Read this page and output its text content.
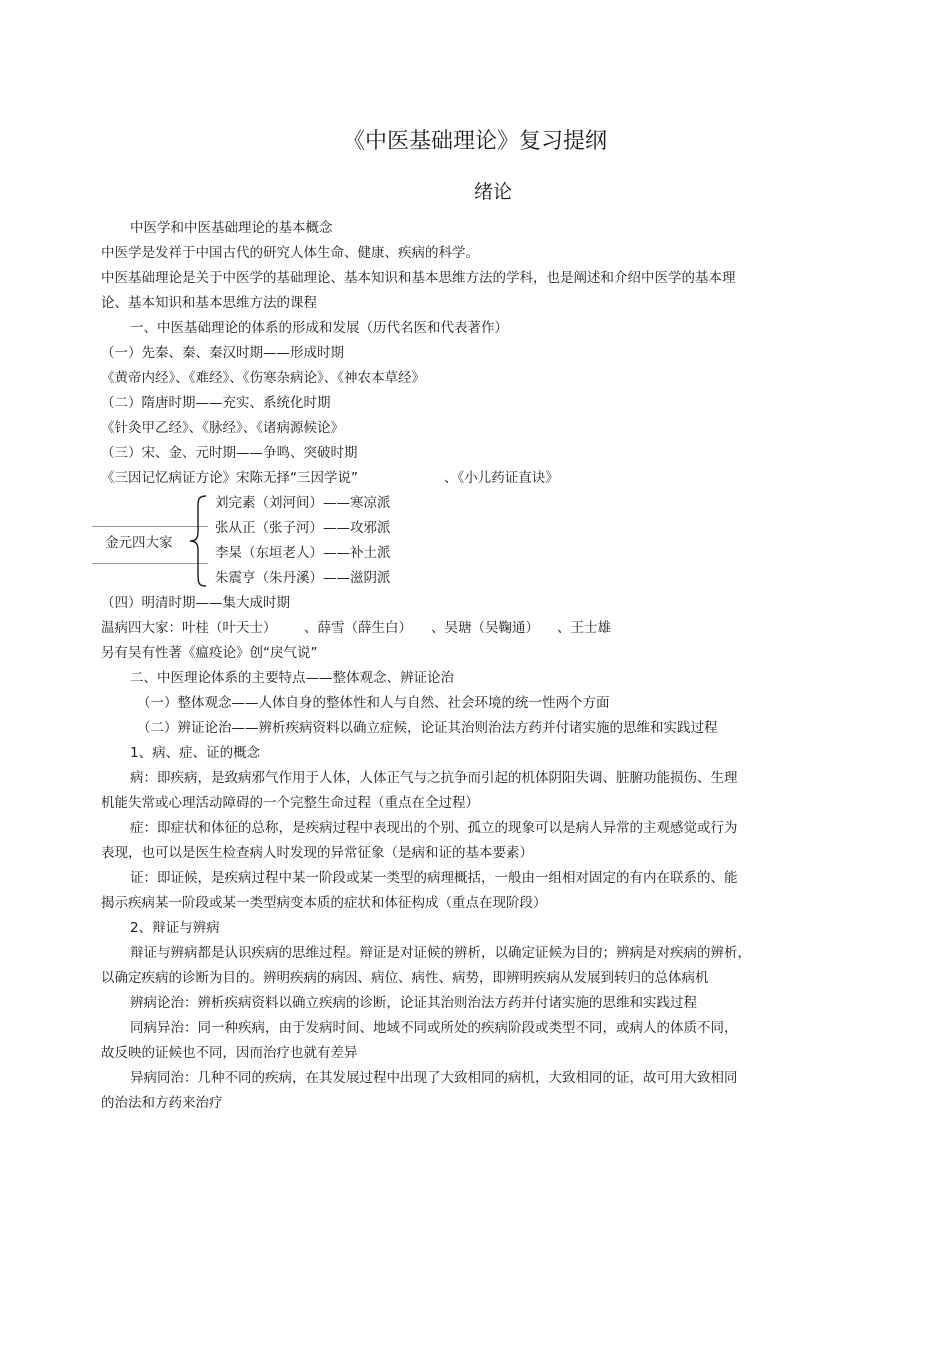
《中医基础理论》复习提纲
绪论
中医学和中医基础理论的基本概念
中医学是发祥于中国古代的研究人体生命、健康、疾病的科学。
中医基础理论是关于中医学的基础理论、基本知识和基本思维方法的学科，也是阐述和介绍中医学的基本理
论、基本知识和基本思维方法的课程
一、中医基础理论的体系的形成和发展（历代名医和代表著作）
（一）先秦、秦、秦汉时期——形成时期
《黄帝内经》、《难经》、《伤寒杂病论》、《神农本草经》
（二）隋唐时期——充实、系统化时期
《针灸甲乙经》、《脉经》、《诸病源候论》
（三）宋、金、元时期——争鸣、突破时期
《三因记忆病证方论》宋陈无择“三因学说”	、《小儿药证直诀》
金元四大家
刘完素（刘河间）——寒凉派
张从正（张子河）——攻邪派
李杲（东垣老人）——补土派
朱震亨（朱丹溪）——滋阴派
（四）明清时期——集大成时期
温病四大家：叶桂（叶天士） 、薛雪（薛生白） 、吴瑭（吴鞠通） 、王士雄
另有吴有性著《瘟疫论》创“戾气说”
二、中医理论体系的主要特点——整体观念、辨证论治
（一）整体观念——人体自身的整体性和人与自然、社会环境的统一性两个方面
（二）辨证论治——辨析疾病资料以确立症候，论证其治则治法方药并付诸实施的思维和实践过程
1、病、症、证的概念
病：即疾病，是致病邪气作用于人体，人体正气与之抗争而引起的机体阴阳失调、脏腑功能损伤、生理
机能失常或心理活动障碍的一个完整生命过程（重点在全过程）
症：即症状和体征的总称，是疾病过程中表现出的个别、孤立的现象可以是病人异常的主观感觉或行为
表现，也可以是医生检查病人时发现的异常征象（是病和证的基本要素）
证：即证候，是疾病过程中某一阶段或某一类型的病理概括，一般由一组相对固定的有内在联系的、能
揭示疾病某一阶段或某一类型病变本质的症状和体征构成（重点在现阶段）
2、辩证与辨病
辩证与辨病都是认识疾病的思维过程。辩证是对证候的辨析，以确定证候为目的；辨病是对疾病的辨析，
以确定疾病的诊断为目的。辨明疾病的病因、病位、病性、病势，即辨明疾病从发展到转归的总体病机
辨病论治：辨析疾病资料以确立疾病的诊断，论证其治则治法方药并付诸实施的思维和实践过程
同病异治：同一种疾病，由于发病时间、地域不同或所处的疾病阶段或类型不同，或病人的体质不同，
故反映的证候也不同，因而治疗也就有差异
异病同治：几种不同的疾病，在其发展过程中出现了大致相同的病机，大致相同的证，故可用大致相同
的治法和方药来治疗
